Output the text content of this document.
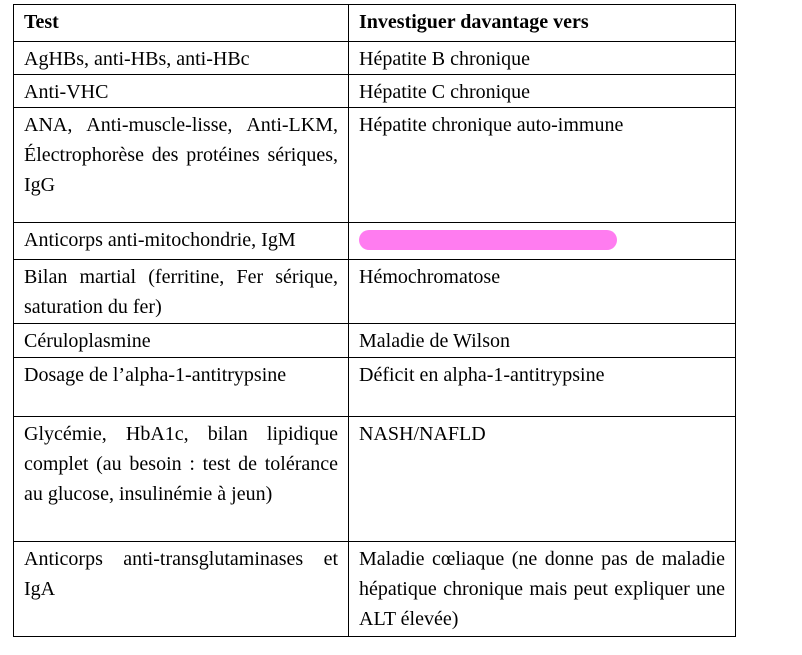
Test	Investiguer davantage vers
AgHBs, anti-HBs, anti-HBc	Hépatite B chronique
Anti-VHC	Hépatite C chronique
ANA, Anti-muscle-lisse, Anti-LKM, Électrophorèse des protéines sériques, IgG	Hépatite chronique auto-immune
Anticorps anti-mitochondrie, IgM	
Bilan martial (ferritine, Fer sérique, saturation du fer)	Hémochromatose
Céruloplasmine	Maladie de Wilson
Dosage de l’alpha-1-antitrypsine	Déficit en alpha-1-antitrypsine
Glycémie, HbA1c, bilan lipidique complet (au besoin : test de tolérance au glucose, insulinémie à jeun)	NASH/NAFLD
Anticorps anti-transglutaminases et IgA	Maladie cœliaque (ne donne pas de maladie hépatique chronique mais peut expliquer une ALT élevée)
